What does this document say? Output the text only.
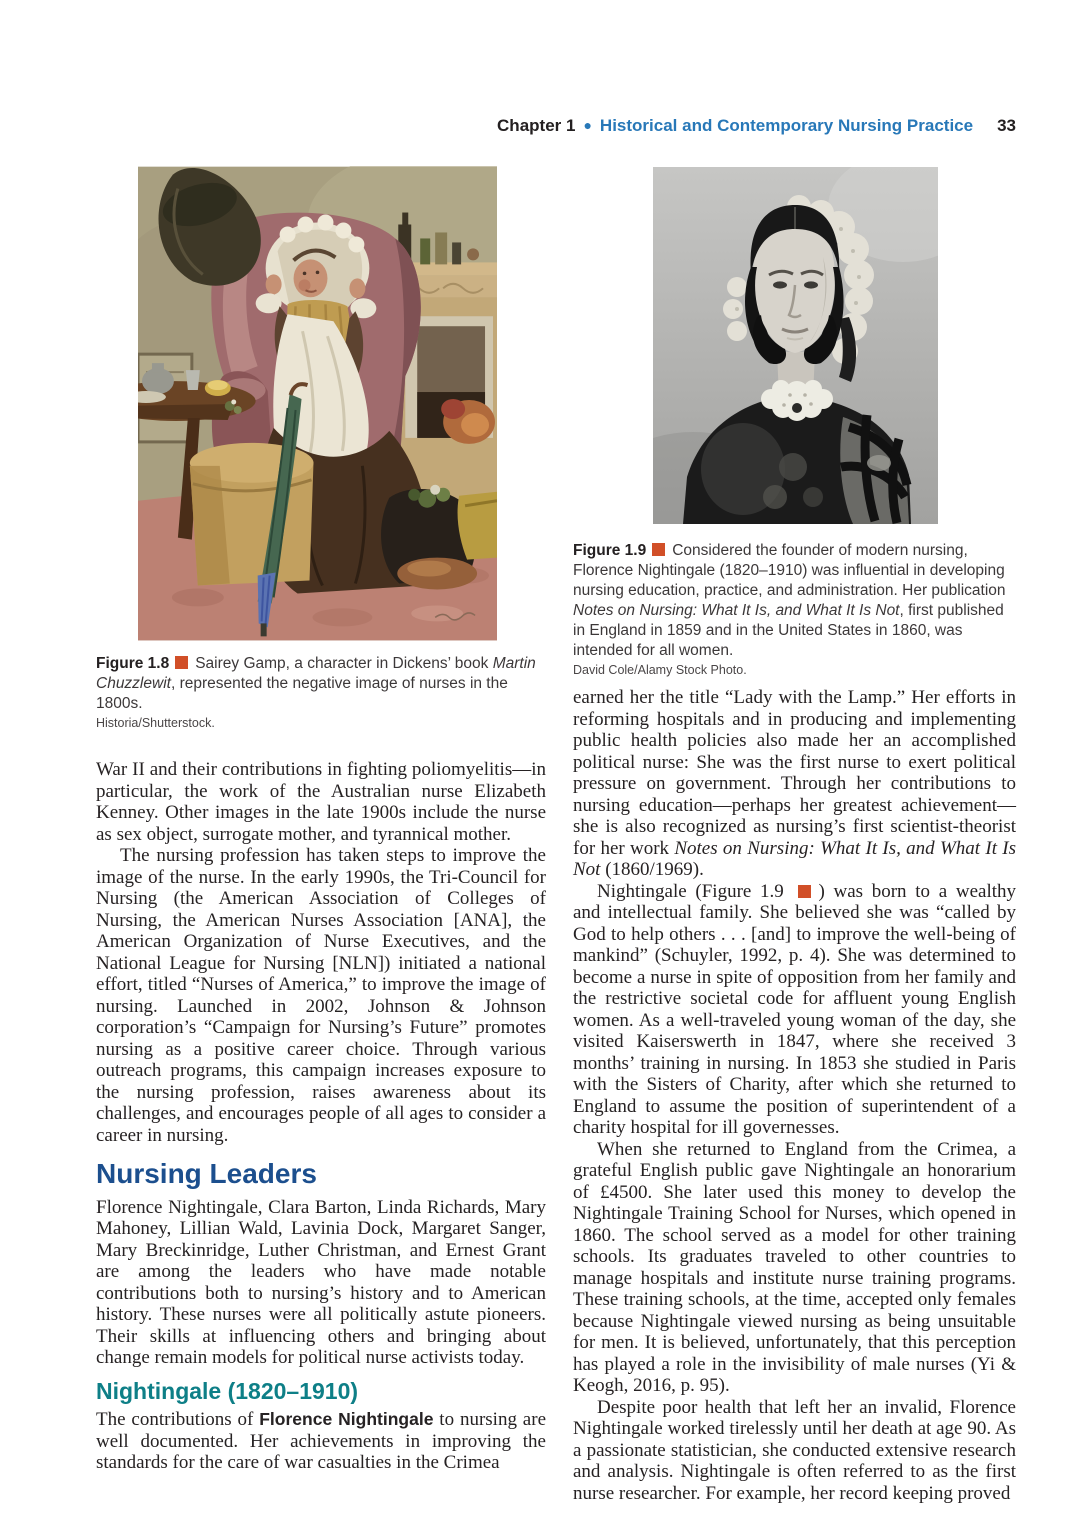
Chapter 1 ● Historical and Contemporary Nursing Practice 33

Figure 1.8 Sairey Gamp, a character in Dickens’ book Martin Chuzzlewit, represented the negative image of nurses in the 1800s.

Historia/Shutterstock.

War II and their contributions in fighting poliomyelitis—in particular, the work of the Australian nurse Elizabeth Kenney. Other images in the late 1900s include the nurse as sex object, surrogate mother, and tyrannical mother.

The nursing profession has taken steps to improve the image of the nurse. In the early 1990s, the Tri-Council for Nursing (the American Association of Colleges of Nursing, the American Nurses Association [ANA], the American Organization of Nurse Executives, and the National League for Nursing [NLN]) initiated a national effort, titled “Nurses of America,” to improve the image of nursing. Launched in 2002, Johnson & Johnson corporation’s “Campaign for Nursing’s Future” promotes nursing as a positive career choice. Through various outreach programs, this campaign increases exposure to the nursing profession, raises awareness about its challenges, and encourages people of all ages to consider a career in nursing.

Nursing Leaders

Florence Nightingale, Clara Barton, Linda Richards, Mary Mahoney, Lillian Wald, Lavinia Dock, Margaret Sanger, Mary Breckinridge, Luther Christman, and Ernest Grant are among the leaders who have made notable contributions both to nursing’s history and to American history. These nurses were all politically astute pioneers. Their skills at influencing others and bringing about change remain models for political nurse activists today.

Nightingale (1820–1910)

The contributions of Florence Nightingale to nursing are well documented. Her achievements in improving the standards for the care of war casualties in the Crimea

Figure 1.9 Considered the founder of modern nursing, Florence Nightingale (1820–1910) was influential in developing nursing education, practice, and administration. Her publication Notes on Nursing: What It Is, and What It Is Not, first published in England in 1859 and in the United States in 1860, was intended for all women.

David Cole/Alamy Stock Photo.

earned her the title “Lady with the Lamp.” Her efforts in reforming hospitals and in producing and implementing public health policies also made her an accomplished political nurse: She was the first nurse to exert political pressure on government. Through her contributions to nursing education—perhaps her greatest achievement—she is also recognized as nursing’s first scientist-theorist for her work Notes on Nursing: What It Is, and What It Is Not (1860/1969).

Nightingale (Figure 1.9 ) was born to a wealthy and intellectual family. She believed she was “called by God to help others . . . [and] to improve the well-being of mankind” (Schuyler, 1992, p. 4). She was determined to become a nurse in spite of opposition from her family and the restrictive societal code for affluent young English women. As a well-traveled young woman of the day, she visited Kaiserswerth in 1847, where she received 3 months’ training in nursing. In 1853 she studied in Paris with the Sisters of Charity, after which she returned to England to assume the position of superintendent of a charity hospital for ill governesses.

When she returned to England from the Crimea, a grateful English public gave Nightingale an honorarium of £4500. She later used this money to develop the Nightingale Training School for Nurses, which opened in 1860. The school served as a model for other training schools. Its graduates traveled to other countries to manage hospitals and institute nurse training programs. These training schools, at the time, accepted only females because Nightingale viewed nursing as being unsuitable for men. It is believed, unfortunately, that this perception has played a role in the invisibility of male nurses (Yi & Keogh, 2016, p. 95).

Despite poor health that left her an invalid, Florence Nightingale worked tirelessly until her death at age 90. As a passionate statistician, she conducted extensive research and analysis. Nightingale is often referred to as the first nurse researcher. For example, her record keeping proved
